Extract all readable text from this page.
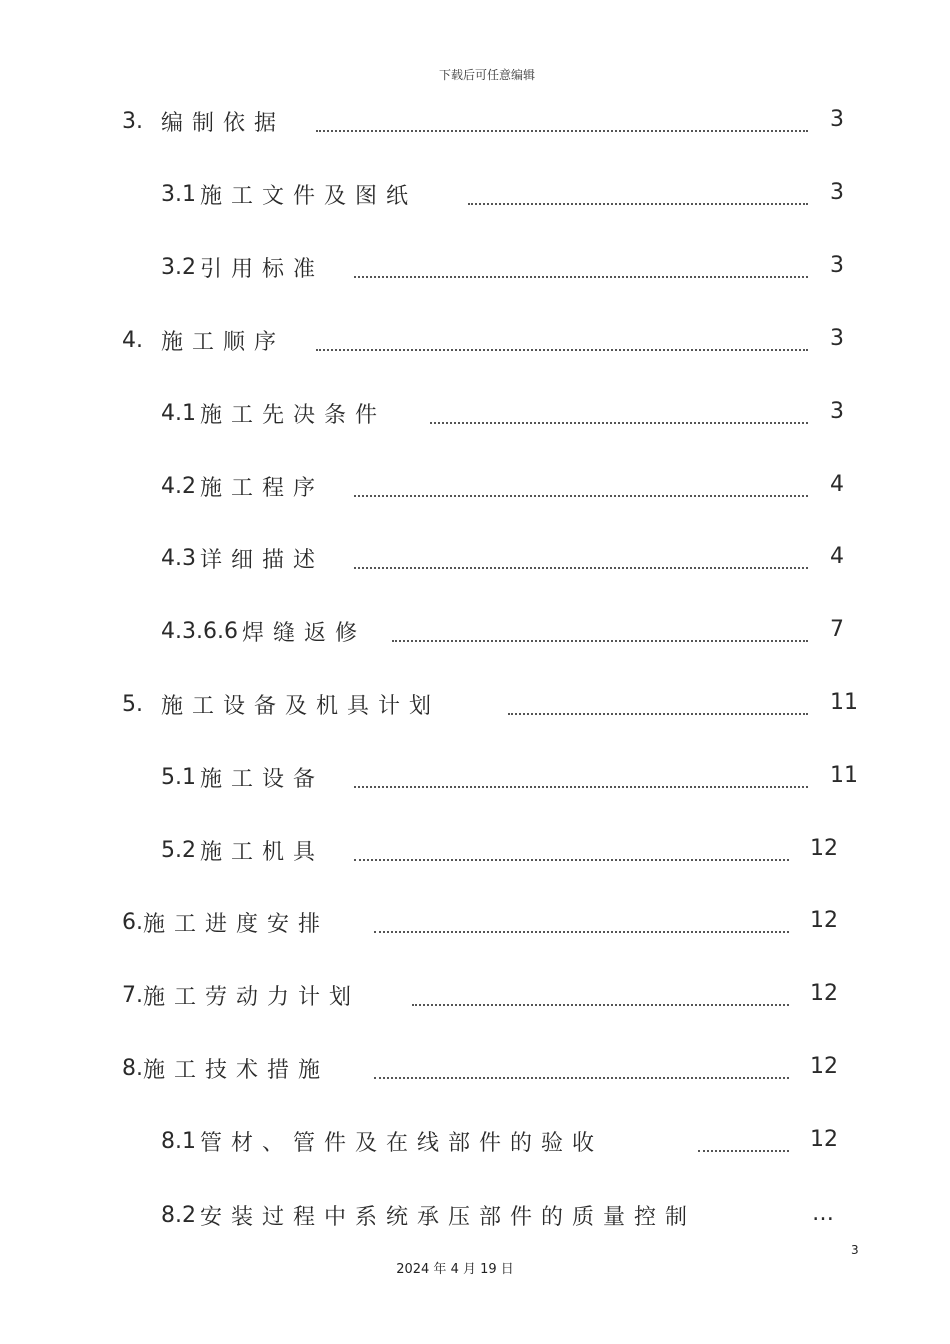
下载后可任意编辑
3. 编制依据	3
3.1 施工文件及图纸	3
3.2 引用标准	3
4. 施工顺序	3
4.1 施工先决条件	3
4.2 施工程序	4
4.3 详细描述	4
4.3.6.6 焊缝返修	7
5. 施工设备及机具计划	11
5.1 施工设备	11
5.2 施工机具	12
6. 施工进度安排	12
7. 施工劳动力计划	12
8. 施工技术措施	12
8.1 管材、管件及在线部件的验收	12
8.2 安装过程中系统承压部件的质量控制	…
3
2024 年 4 月 19 日
